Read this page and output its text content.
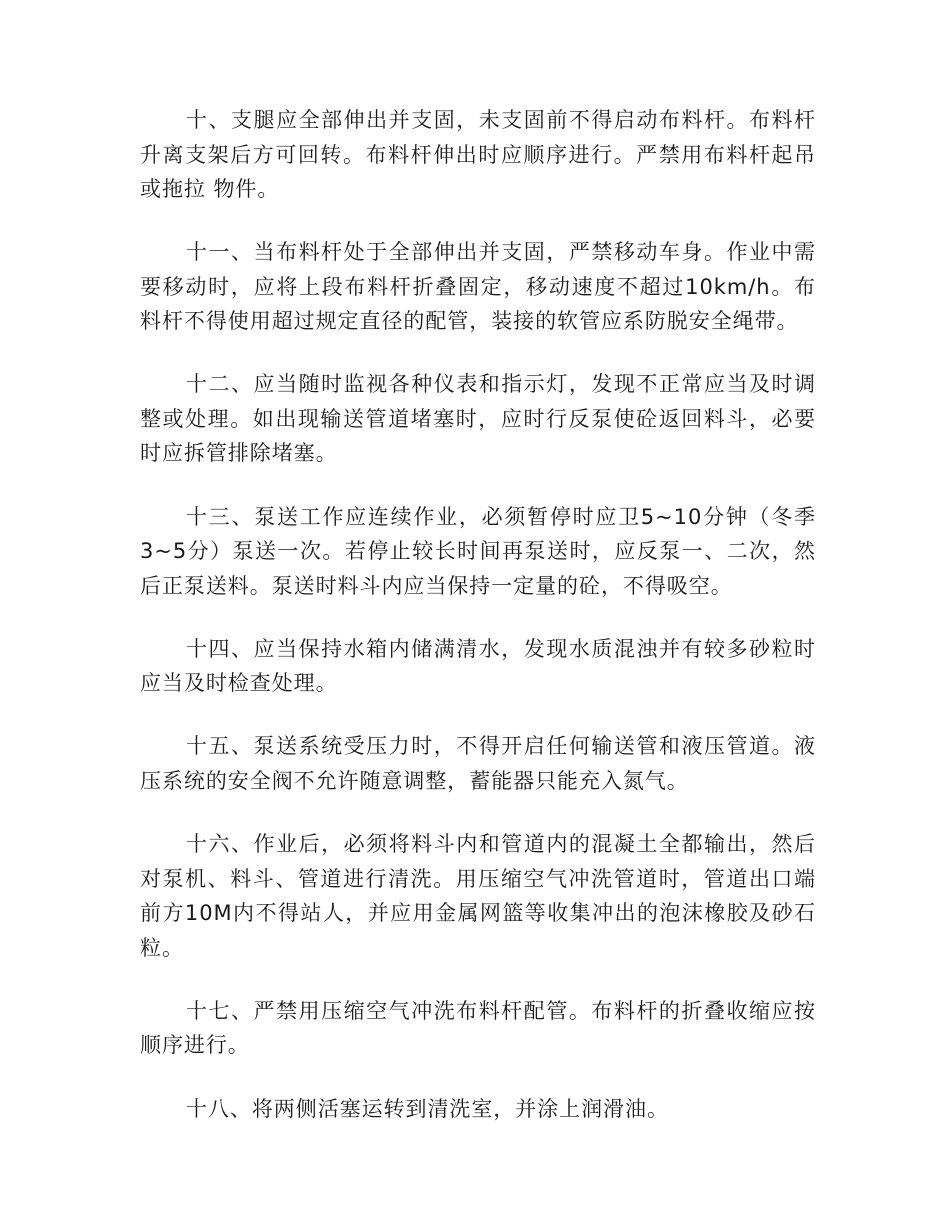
十、支腿应全部伸出并支固，未支固前不得启动布料杆。布料杆升离支架后方可回转。布料杆伸出时应顺序进行。严禁用布料杆起吊或拖拉 物件。

十一、当布料杆处于全部伸出并支固，严禁移动车身。作业中需要移动时，应将上段布料杆折叠固定，移动速度不超过10km/h。布料杆不得使用超过规定直径的配管，装接的软管应系防脱安全绳带。

十二、应当随时监视各种仪表和指示灯，发现不正常应当及时调整或处理。如出现输送管道堵塞时，应时行反泵使砼返回料斗，必要时应拆管排除堵塞。

十三、泵送工作应连续作业，必须暂停时应卫5~10分钟（冬季3~5分）泵送一次。若停止较长时间再泵送时，应反泵一、二次，然后正泵送料。泵送时料斗内应当保持一定量的砼，不得吸空。

十四、应当保持水箱内储满清水，发现水质混浊并有较多砂粒时应当及时检查处理。

十五、泵送系统受压力时，不得开启任何输送管和液压管道。液压系统的安全阀不允许随意调整，蓄能器只能充入氮气。

十六、作业后，必须将料斗内和管道内的混凝土全都输出，然后对泵机、料斗、管道进行清洗。用压缩空气冲洗管道时，管道出口端前方10M内不得站人，并应用金属网篮等收集冲出的泡沫橡胶及砂石粒。

十七、严禁用压缩空气冲洗布料杆配管。布料杆的折叠收缩应按顺序进行。

十八、将两侧活塞运转到清洗室，并涂上润滑油。
